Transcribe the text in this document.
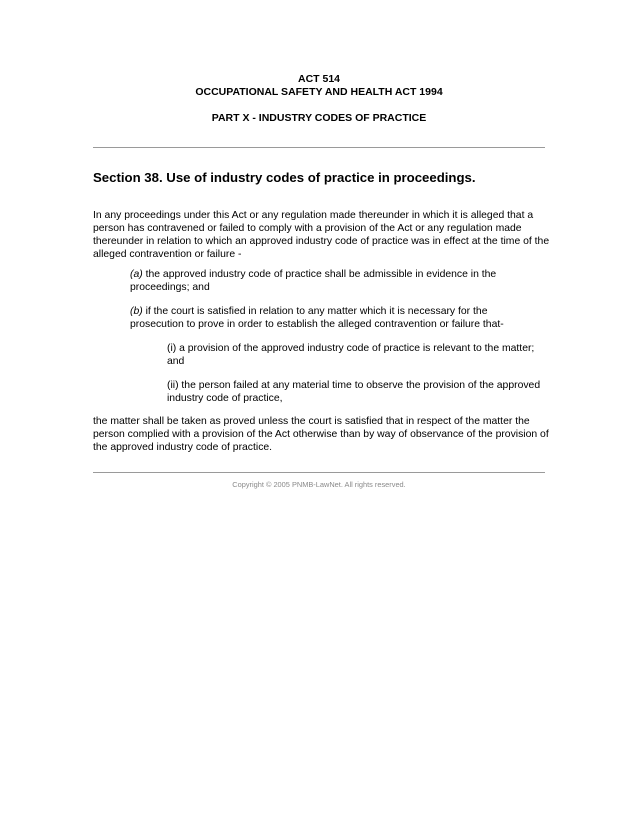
ACT 514
OCCUPATIONAL SAFETY AND HEALTH ACT 1994
PART X - INDUSTRY CODES OF PRACTICE
Section 38. Use of industry codes of practice in proceedings.
In any proceedings under this Act or any regulation made thereunder in which it is alleged that a person has contravened or failed to comply with a provision of the Act or any regulation made thereunder in relation to which an approved industry code of practice was in effect at the time of the alleged contravention or failure -
(a) the approved industry code of practice shall be admissible in evidence in the proceedings; and
(b) if the court is satisfied in relation to any matter which it is necessary for the prosecution to prove in order to establish the alleged contravention or failure that-
(i) a provision of the approved industry code of practice is relevant to the matter; and
(ii) the person failed at any material time to observe the provision of the approved industry code of practice,
the matter shall be taken as proved unless the court is satisfied that in respect of the matter the person complied with a provision of the Act otherwise than by way of observance of the provision of the approved industry code of practice.
Copyright © 2005 PNMB-LawNet. All rights reserved.
